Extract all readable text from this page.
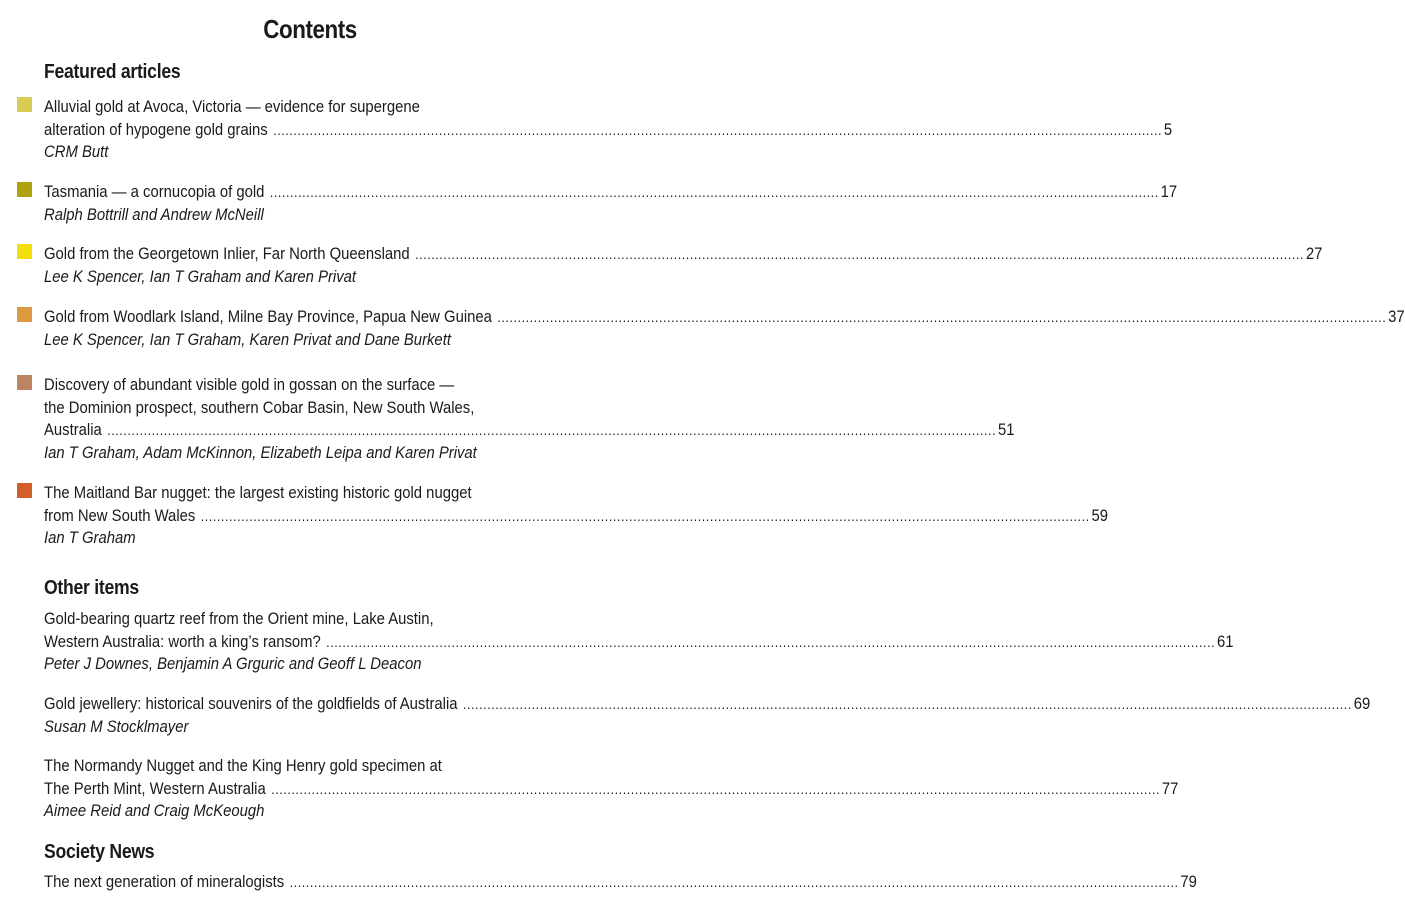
Contents
Featured articles
Alluvial gold at Avoca, Victoria — evidence for supergene
alteration of hypogene gold grains ............................................................................................................................................................................................................................ 5
CRM Butt
Tasmania — a cornucopia of gold ............................................................................................................................................................................................................................ 17
Ralph Bottrill and Andrew McNeill
Gold from the Georgetown Inlier, Far North Queensland ............................................................................................................................................................................................................................ 27
Lee K Spencer, Ian T Graham and Karen Privat
Gold from Woodlark Island, Milne Bay Province, Papua New Guinea ............................................................................................................................................................................................................................ 37
Lee K Spencer, Ian T Graham, Karen Privat and Dane Burkett
Discovery of abundant visible gold in gossan on the surface —
the Dominion prospect, southern Cobar Basin, New South Wales,
Australia ............................................................................................................................................................................................................................ 51
Ian T Graham, Adam McKinnon, Elizabeth Leipa and Karen Privat
The Maitland Bar nugget: the largest existing historic gold nugget
from New South Wales ............................................................................................................................................................................................................................ 59
Ian T Graham
Other items
Gold-bearing quartz reef from the Orient mine, Lake Austin,
Western Australia: worth a king’s ransom? ............................................................................................................................................................................................................................ 61
Peter J Downes, Benjamin A Grguric and Geoff L Deacon
Gold jewellery: historical souvenirs of the goldfields of Australia ............................................................................................................................................................................................................................ 69
Susan M Stocklmayer
The Normandy Nugget and the King Henry gold specimen at
The Perth Mint, Western Australia ............................................................................................................................................................................................................................ 77
Aimee Reid and Craig McKeough
Society News
The next generation of mineralogists ............................................................................................................................................................................................................................ 79
